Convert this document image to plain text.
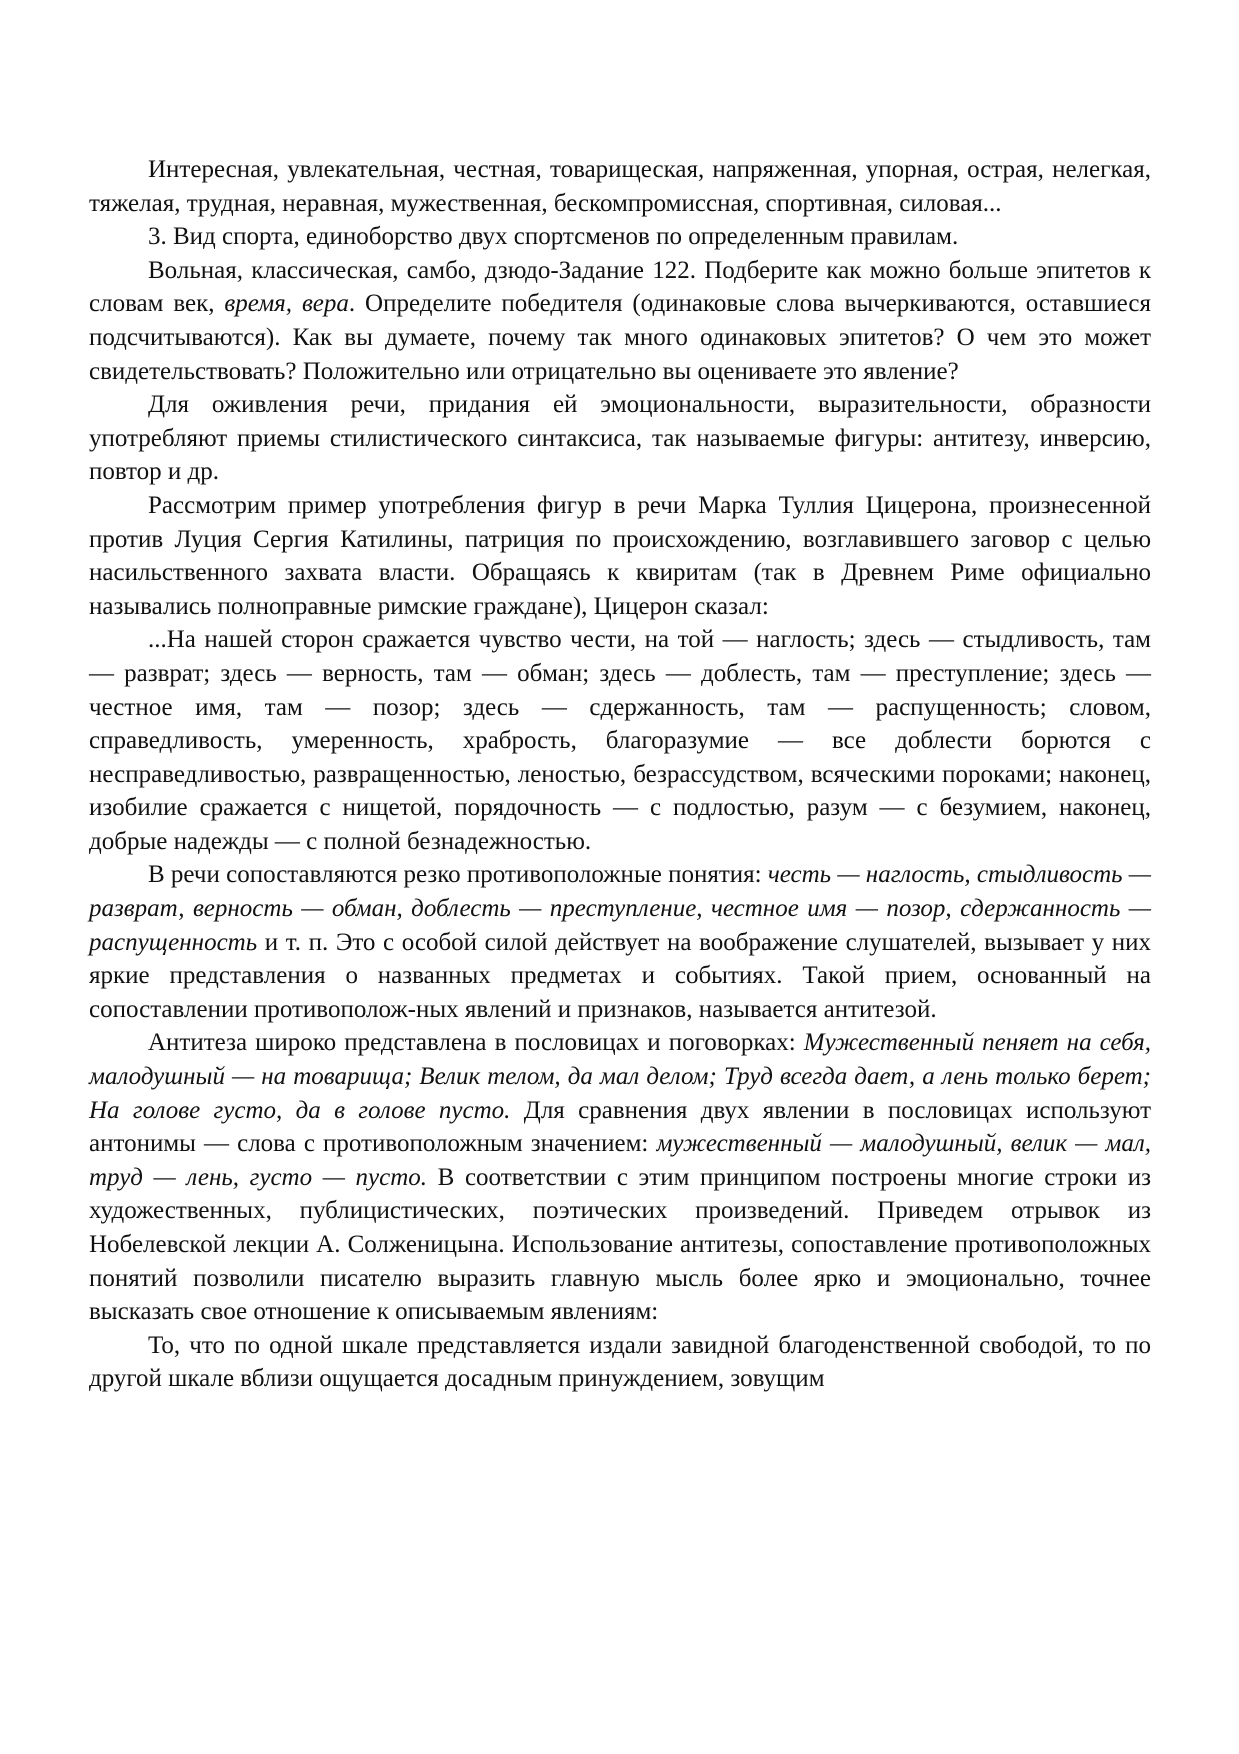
Интересная, увлекательная, честная, товарищеская, напряженная, упорная, острая, нелегкая, тяжелая, трудная, неравная, мужественная, бескомпромиссная, спортивная, силовая...

3. Вид спорта, единоборство двух спортсменов по определенным правилам.

Вольная, классическая, самбо, дзюдо-Задание 122. Подберите как можно больше эпитетов к словам век, время, вера. Определите победителя (одинаковые слова вычеркиваются, оставшиеся подсчитываются). Как вы думаете, почему так много одинаковых эпитетов? О чем это может свидетельствовать? Положительно или отрицательно вы оцениваете это явление?

Для оживления речи, придания ей эмоциональности, выразительности, образности употребляют приемы стилистического синтаксиса, так называемые фигуры: антитезу, инверсию, повтор и др.

Рассмотрим пример употребления фигур в речи Марка Туллия Цицерона, произнесенной против Луция Сергия Катилины, патриция по происхождению, возглавившего заговор с целью насильственного захвата власти. Обращаясь к квиритам (так в Древнем Риме официально назывались полноправные римские граждане), Цицерон сказал:

...На нашей сторон сражается чувство чести, на той — наглость; здесь — стыдливость, там — разврат; здесь — верность, там — обман; здесь — доблесть, там — преступление; здесь — честное имя, там — позор; здесь — сдержанность, там — распущенность; словом, справедливость, умеренность, храбрость, благоразумие — все доблести борются с несправедливостью, развращенностью, леностью, безрассудством, всяческими пороками; наконец, изобилие сражается с нищетой, порядочность — с подлостью, разум — с безумием, наконец, добрые надежды — с полной безнадежностью.

В речи сопоставляются резко противоположные понятия: честь — наглость, стыдливость — разврат, верность — обман, доблесть — преступление, честное имя — позор, сдержанность — распущенность и т. п. Это с особой силой действует на воображение слушателей, вызывает у них яркие представления о названных предметах и событиях. Такой прием, основанный на сопоставлении противополож-ных явлений и признаков, называется антитезой.

Антитеза широко представлена в пословицах и поговорках: Мужественный пеняет на себя, малодушный — на товарища; Велик телом, да мал делом; Труд всегда дает, а лень только берет; На голове густо, да в голове пусто. Для сравнения двух явлении в пословицах используют антонимы — слова с противоположным значением: мужественный — малодушный, велик — мал, труд — лень, густо — пусто. В соответствии с этим принципом построены многие строки из художественных, публицистических, поэтических произведений. Приведем отрывок из Нобелевской лекции А. Солженицына. Использование антитезы, сопоставление противоположных понятий позволили писателю выразить главную мысль более ярко и эмоционально, точнее высказать свое отношение к описываемым явлениям:

То, что по одной шкале представляется издали завидной благоденственной свободой, то по другой шкале вблизи ощущается досадным принуждением, зовущим
